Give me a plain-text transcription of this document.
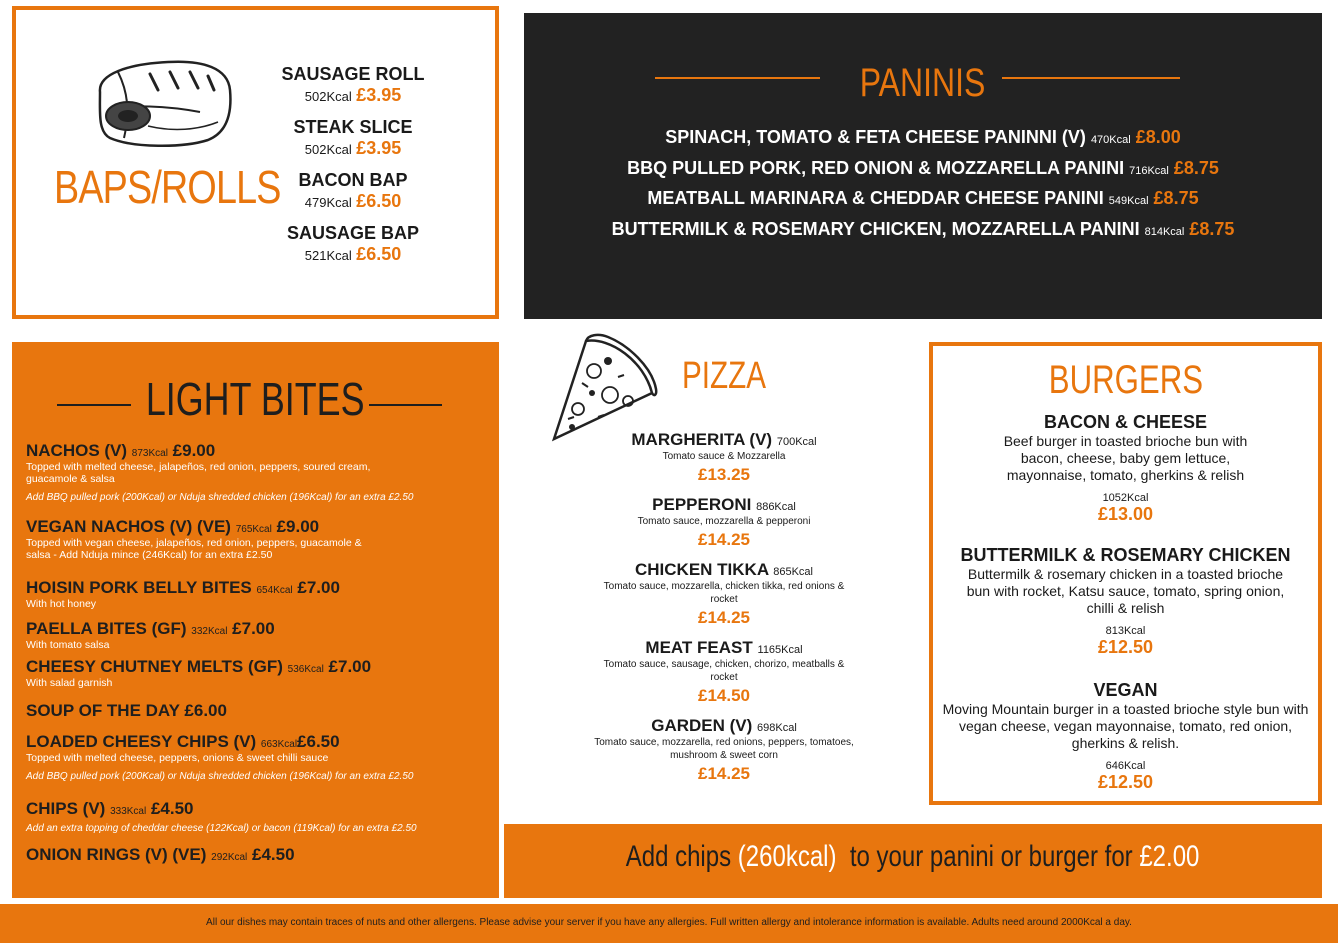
BAPS/ROLLS
SAUSAGE ROLL
502Kcal £3.95
STEAK SLICE
502Kcal £3.95
BACON BAP
479Kcal £6.50
SAUSAGE BAP
521Kcal £6.50
PANINIS
SPINACH, TOMATO & FETA CHEESE PANINNI (V) 470Kcal £8.00
BBQ PULLED PORK, RED ONION & MOZZARELLA PANINI 716Kcal £8.75
MEATBALL MARINARA & CHEDDAR CHEESE PANINI 549Kcal £8.75
BUTTERMILK & ROSEMARY CHICKEN, MOZZARELLA PANINI 814Kcal £8.75
LIGHT BITES
NACHOS (V) 873Kcal £9.00
Topped with melted cheese, jalapeños, red onion, peppers, soured cream, guacamole & salsa
Add BBQ pulled pork (200Kcal) or Nduja shredded chicken (196Kcal) for an extra £2.50
VEGAN NACHOS (V) (VE) 765Kcal £9.00
Topped with vegan cheese, jalapeños, red onion, peppers, guacamole & salsa - Add Nduja mince (246Kcal) for an extra £2.50
HOISIN PORK BELLY BITES 654Kcal £7.00
With hot honey
PAELLA BITES (GF) 332Kcal £7.00
With tomato salsa
CHEESY CHUTNEY MELTS (GF) 536Kcal £7.00
With salad garnish
SOUP OF THE DAY £6.00
LOADED CHEESY CHIPS (V) 663Kcal£6.50
Topped with melted cheese, peppers, onions & sweet chilli sauce
Add BBQ pulled pork (200Kcal) or Nduja shredded chicken (196Kcal) for an extra £2.50
CHIPS (V) 333Kcal £4.50
Add an extra topping of cheddar cheese (122Kcal) or bacon (119Kcal) for an extra £2.50
ONION RINGS (V) (VE) 292Kcal £4.50
PIZZA
MARGHERITA (V) 700Kcal
Tomato sauce & Mozzarella
£13.25
PEPPERONI 886Kcal
Tomato sauce, mozzarella & pepperoni
£14.25
CHICKEN TIKKA 865Kcal
Tomato sauce, mozzarella, chicken tikka, red onions & rocket
£14.25
MEAT FEAST 1165Kcal
Tomato sauce, sausage, chicken, chorizo, meatballs & rocket
£14.50
GARDEN (V) 698Kcal
Tomato sauce, mozzarella, red onions, peppers, tomatoes, mushroom & sweet corn
£14.25
BURGERS
BACON & CHEESE
Beef burger in toasted brioche bun with bacon, cheese, baby gem lettuce, mayonnaise, tomato, gherkins & relish
1052Kcal
£13.00
BUTTERMILK & ROSEMARY CHICKEN
Buttermilk & rosemary chicken in a toasted brioche bun with rocket, Katsu sauce, tomato, spring onion, chilli & relish
813Kcal
£12.50
VEGAN
Moving Mountain burger in a toasted brioche style bun with vegan cheese, vegan mayonnaise, tomato, red onion, gherkins & relish.
646Kcal
£12.50
Add chips (260kcal) to your panini or burger for £2.00
All our dishes may contain traces of nuts and other allergens. Please advise your server if you have any allergies. Full written allergy and intolerance information is available. Adults need around 2000Kcal a day.
